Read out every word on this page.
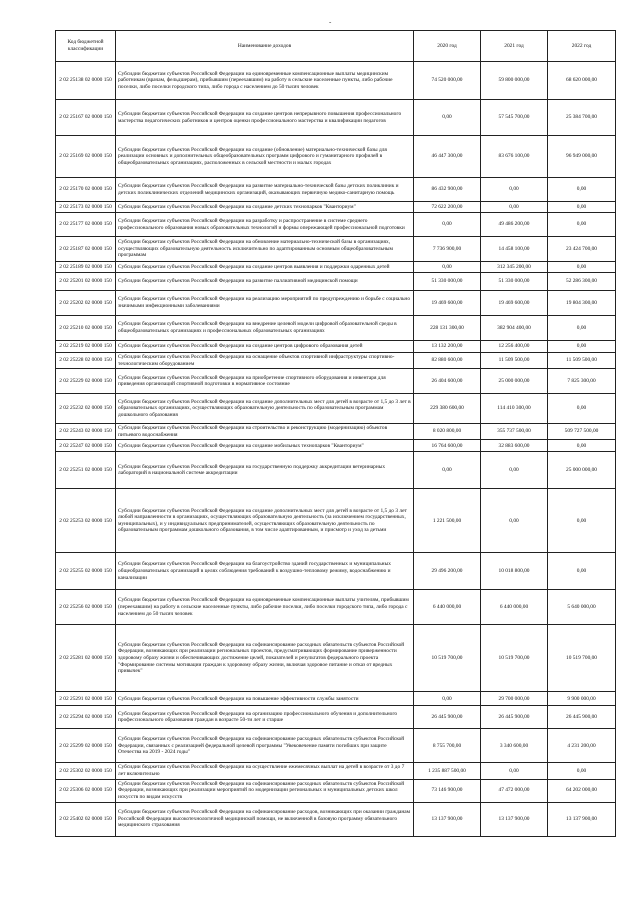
-
Код бюджетной классификации	Наименование доходов	2020 год	2021 год	2022 год
2 02 25138 02 0000 150	Субсидии бюджетам субъектов Российской Федерации на единовременные компенсационные выплаты медицинским работникам (врачам, фельдшерам), прибывшим (переехавшим) на работу в сельские населенные пункты, либо рабочие поселки, либо поселки городского типа, либо города с населением до 50 тысяч человек	74 520 000,00	59 800 000,00	68 620 000,00
2 02 25167 02 0000 150	Субсидии бюджетам субъектов Российской Федерации на создание центров непрерывного повышения профессионального мастерства педагогических работников и центров оценки профессионального мастерства и квалификации педагогов	0,00	57 545 700,00	25 384 700,00
2 02 25169 02 0000 150	Субсидии бюджетам субъектов Российской Федерации на создание (обновление) материально-технической базы для реализации основных и дополнительных общеобразовательных программ цифрового и гуманитарного профилей в общеобразовательных организациях, расположенных в сельской местности и малых городах	46 447 300,00	83 676 100,00	96 949 000,00
2 02 25170 02 0000 150	Субсидии бюджетам субъектов Российской Федерации на развитие материально-технической базы детских поликлиник и детских поликлинических отделений медицинских организаций, оказывающих первичную медико-санитарную помощь	86 432 900,00	0,00	0,00
2 02 25173 02 0000 150	Субсидии бюджетам субъектов Российской Федерации на создание детских технопарков "Кванториум"	72 622 200,00	0,00	0,00
2 02 25177 02 0000 150	Субсидии бюджетам субъектов Российской Федерации на разработку и распространение в системе среднего профессионального образования новых образовательных технологий и формы опережающей профессиональной подготовки	0,00	49 486 200,00	0,00
2 02 25187 02 0000 150	Субсидии бюджетам субъектов Российской Федерации на обновление материально-технической базы в организациях, осуществляющих образовательную деятельность исключительно по адаптированным основным общеобразовательным программам	7 736 900,00	14 458 100,00	23 424 700,00
2 02 25189 02 0000 150	Субсидии бюджетам субъектов Российской Федерации на создание центров выявления и поддержки одаренных детей	0,00	312 345 200,00	0,00
2 02 25201 02 0000 150	Субсидии бюджетам субъектов Российской Федерации на развитие паллиативной медицинской помощи	51 330 000,00	51 330 000,00	52 286 300,00
2 02 25202 02 0000 150	Субсидии бюджетам субъектов Российской Федерации на реализацию мероприятий по предупреждению и борьбе с социально значимыми инфекционными заболеваниями	19 469 600,00	19 469 600,00	19 804 300,00
2 02 25210 02 0000 150	Субсидии бюджетам субъектов Российской Федерации на внедрение целевой модели цифровой образовательной среды в общеобразовательных организациях и профессиональных образовательных организациях	228 131 300,00	382 904 400,00	0,00
2 02 25219 02 0000 150	Субсидии бюджетам субъектов Российской Федерации на создание центров цифрового образования детей	13 132 200,00	12 256 400,00	0,00
2 02 25228 02 0000 150	Субсидии бюджетам субъектов Российской Федерации на оснащение объектов спортивной инфраструктуры спортивно-технологическим оборудованием	82 880 600,00	11 509 500,00	11 509 500,00
2 02 25229 02 0000 150	Субсидии бюджетам субъектов Российской Федерации на приобретение спортивного оборудования и инвентаря для приведения организаций спортивной подготовки в нормативное состояние	26 404 600,00	25 000 000,00	7 825 300,00
2 02 25232 02 0000 150	Субсидии бюджетам субъектов Российской Федерации на создание дополнительных мест для детей в возрасте от 1,5 до 3 лет в образовательных организациях, осуществляющих образовательную деятельность по образовательным программам дошкольного образования	229 380 600,00	114 410 300,00	0,00
2 02 25243 02 0000 150	Субсидии бюджетам субъектов Российской Федерации на строительство и реконструкцию (модернизацию) объектов питьевого водоснабжения	8 020 800,00	355 737 500,00	509 727 500,00
2 02 25247 02 0000 150	Субсидии бюджетам субъектов Российской Федерации на создание мобильных технопарков "Кванториум"	16 764 600,00	32 883 600,00	0,00
2 02 25251 02 0000 150	Субсидии бюджетам субъектов Российской Федерации на государственную поддержку аккредитации ветеринарных лабораторий в национальной системе аккредитации	0,00	0,00	25 000 000,00
2 02 25253 02 0000 150	Субсидии бюджетам субъектов Российской Федерации на создание дополнительных мест для детей в возрасте от 1,5 до 3 лет любой направленности в организациях, осуществляющих образовательную деятельность (за исключением государственных, муниципальных), и у индивидуальных предпринимателей, осуществляющих образовательную деятельность по образовательным программам дошкольного образования, в том числе адаптированным, и присмотр и уход за детьми	1 221 500,00	0,00	0,00
2 02 25255 02 0000 150	Субсидии бюджетам субъектов Российской Федерации на благоустройство зданий государственных и муниципальных общеобразовательных организаций в целях соблюдения требований к воздушно-тепловому режиму, водоснабжению и канализации	29 496 200,00	10 018 800,00	0,00
2 02 25256 02 0000 150	Субсидии бюджетам субъектов Российской Федерации на единовременные компенсационные выплаты учителям, прибывшим (переехавшим) на работу в сельские населенные пункты, либо рабочие поселки, либо поселки городского типа, либо города с населением до 50 тысяч человек	6 440 000,00	6 440 000,00	5 640 000,00
2 02 25281 02 0000 150	Субсидии бюджетам субъектов Российской Федерации на софинансирование расходных обязательств субъектов Российской Федерации, возникающих при реализации региональных проектов, предусматривающих формирование приверженности здоровому образу жизни и обеспечивающих достижение целей, показателей и результатов федерального проекта "Формирование системы мотивации граждан к здоровому образу жизни, включая здоровое питание и отказ от вредных привычек"	10 519 700,00	10 519 700,00	10 519 700,00
2 02 25291 02 0000 150	Субсидии бюджетам субъектов Российской Федерации на повышение эффективности службы занятости	0,00	29 700 000,00	9 900 000,00
2 02 25294 02 0000 150	Субсидии бюджетам субъектов Российской Федерации на организацию профессионального обучения и дополнительного профессионального образования граждан в возрасте 50-ти лет и старше	26 445 900,00	26 445 900,00	26 445 900,00
2 02 25299 02 0000 150	Субсидии бюджетам субъектов Российской Федерации на софинансирование расходных обязательств субъектов Российской Федерации, связанных с реализацией федеральной целевой программы "Увековечение памяти погибших при защите Отечества на 2019 - 2024 годы"	8 755 700,00	3 340 600,00	4 231 200,00
2 02 25302 02 0000 150	Субсидии бюджетам субъектов Российской Федерации на осуществление ежемесячных выплат на детей в возрасте от 3 до 7 лет включительно	1 235 887 500,00	0,00	0,00
2 02 25306 02 0000 150	Субсидии бюджетам субъектов Российской Федерации на софинансирование расходных обязательств субъектов Российской Федерации, возникающих при реализации мероприятий по модернизации региональных и муниципальных детских школ искусств по видам искусств	73 146 900,00	47 472 000,00	64 202 000,00
2 02 25402 02 0000 150	Субсидии бюджетам субъектов Российской Федерации на софинансирование расходов, возникающих при оказании гражданам Российской Федерации высокотехнологичной медицинской помощи, не включенной в базовую программу обязательного медицинского страхования	13 137 900,00	13 137 900,00	13 137 900,00
